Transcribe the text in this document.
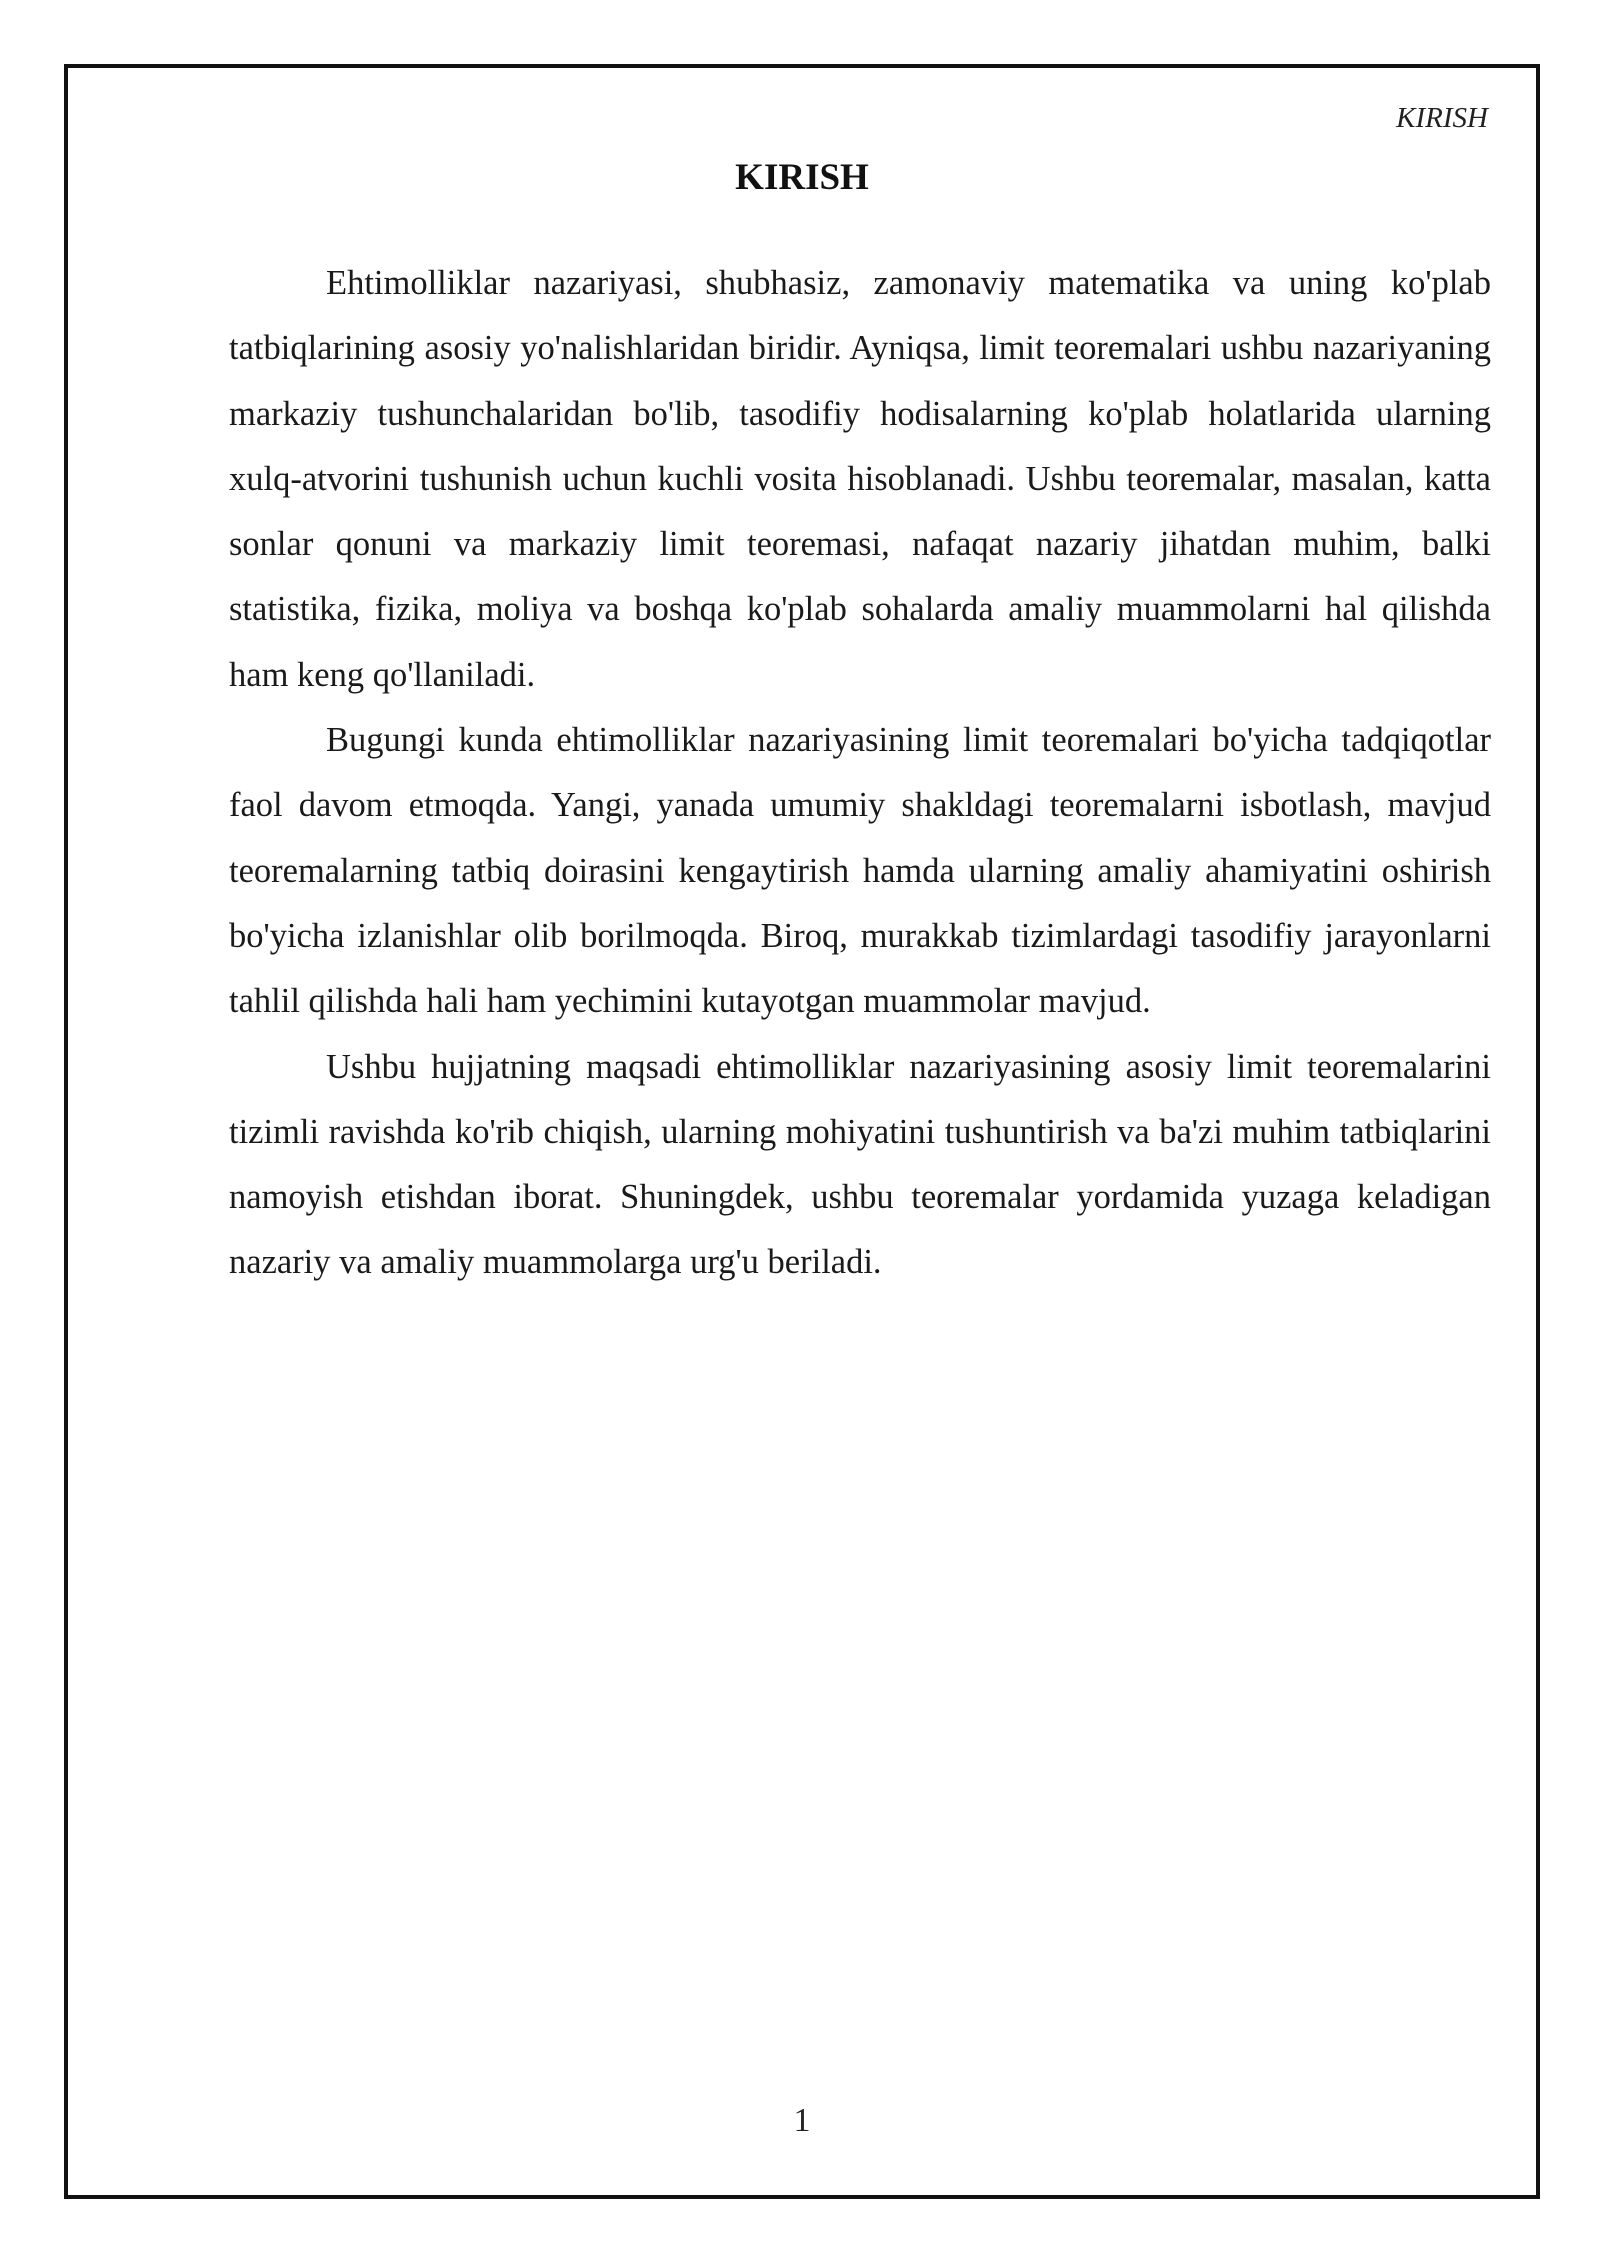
KIRISH
KIRISH

Ehtimolliklar nazariyasi, shubhasiz, zamonaviy matematika va uning ko'plab tatbiqlarining asosiy yo'nalishlaridan biridir. Ayniqsa, limit teoremalari ushbu nazariyaning markaziy tushunchalaridan bo'lib, tasodifiy hodisalarning ko'plab holatlarida ularning xulq-atvorini tushunish uchun kuchli vosita hisoblanadi. Ushbu teoremalar, masalan, katta sonlar qonuni va markaziy limit teoremasi, nafaqat nazariy jihatdan muhim, balki statistika, fizika, moliya va boshqa ko'plab sohalarda amaliy muammolarni hal qilishda ham keng qo'llaniladi.

Bugungi kunda ehtimolliklar nazariyasining limit teoremalari bo'yicha tadqiqotlar faol davom etmoqda. Yangi, yanada umumiy shakldagi teoremalarni isbotlash, mavjud teoremalarning tatbiq doirasini kengaytirish hamda ularning amaliy ahamiyatini oshirish bo'yicha izlanishlar olib borilmoqda. Biroq, murakkab tizimlardagi tasodifiy jarayonlarni tahlil qilishda hali ham yechimini kutayotgan muammolar mavjud.

Ushbu hujjatning maqsadi ehtimolliklar nazariyasining asosiy limit teoremalarini tizimli ravishda ko'rib chiqish, ularning mohiyatini tushuntirish va ba'zi muhim tatbiqlarini namoyish etishdan iborat. Shuningdek, ushbu teoremalar yordamida yuzaga keladigan nazariy va amaliy muammolarga urg'u beriladi.

1
